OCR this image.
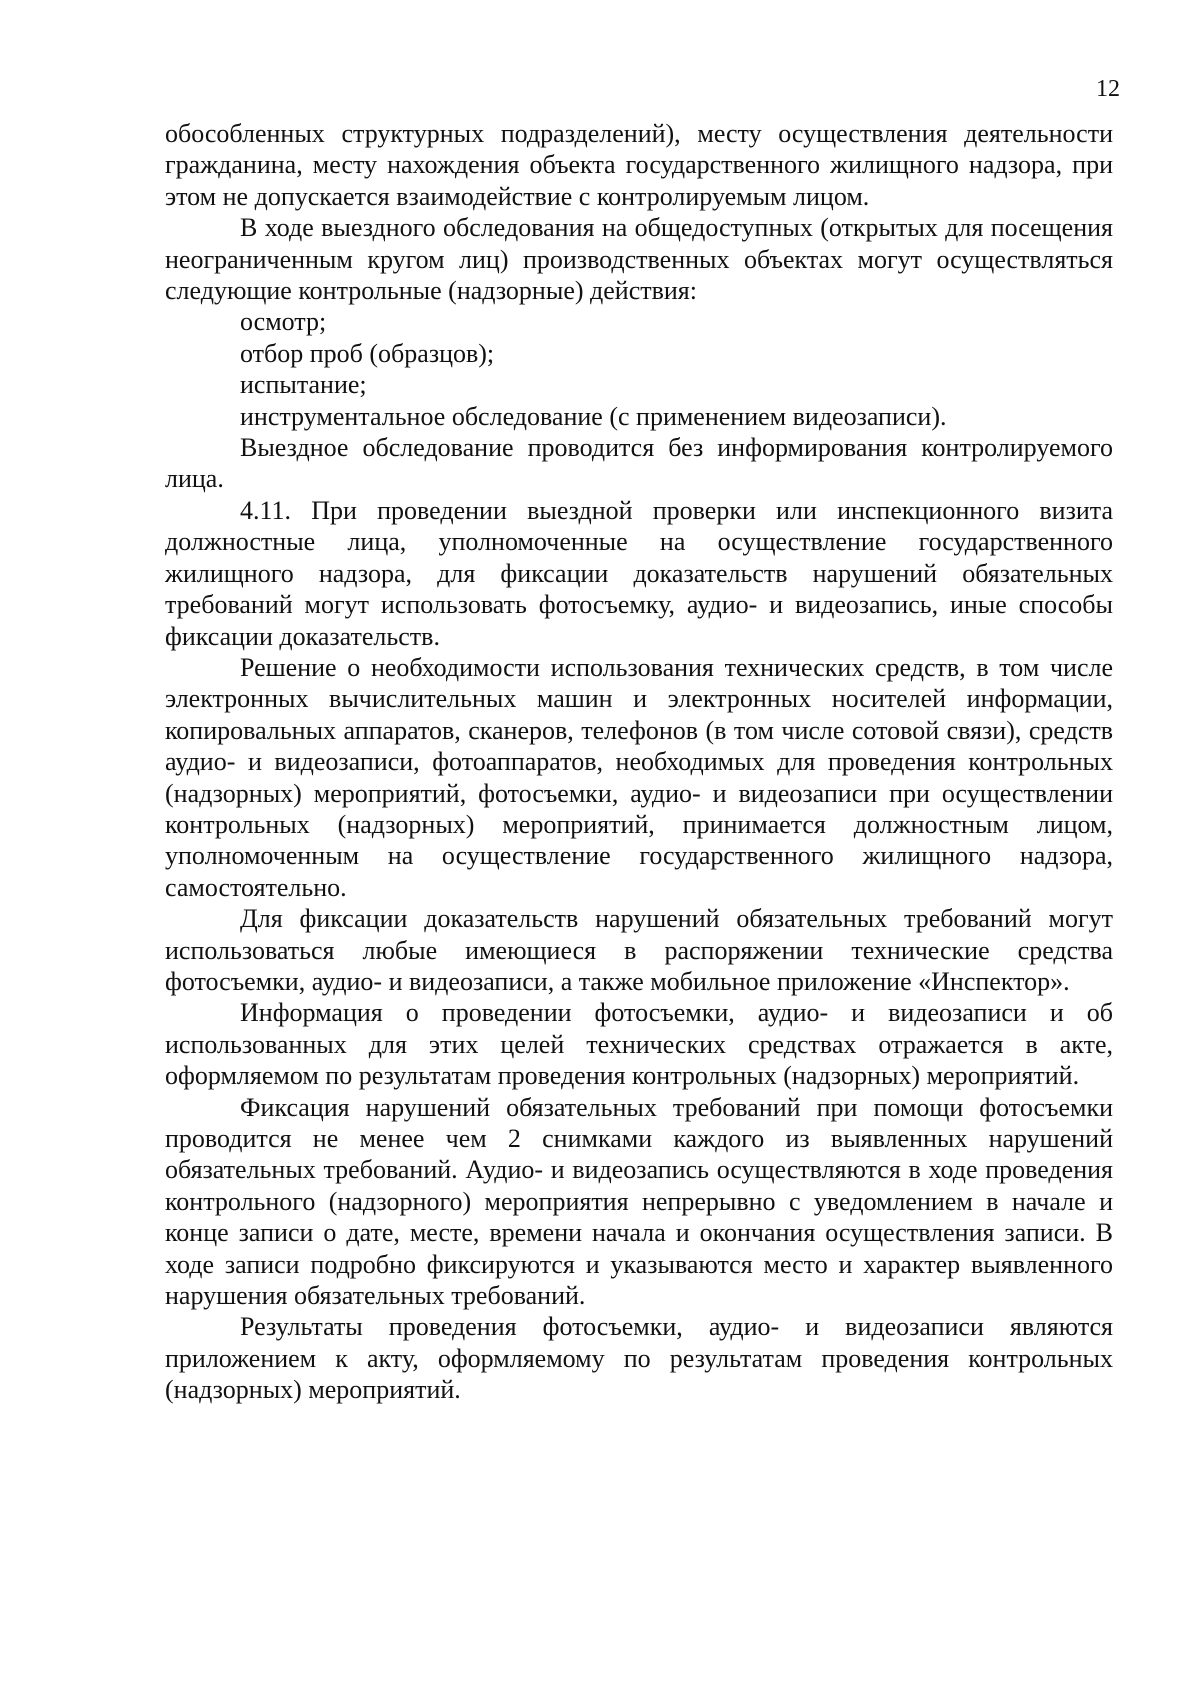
12

обособленных структурных подразделений), месту осуществления деятельности гражданина, месту нахождения объекта государственного жилищного надзора, при этом не допускается взаимодействие с контролируемым лицом.

В ходе выездного обследования на общедоступных (открытых для посещения неограниченным кругом лиц) производственных объектах могут осуществляться следующие контрольные (надзорные) действия:

осмотр;

отбор проб (образцов);

испытание;

инструментальное обследование (с применением видеозаписи).

Выездное обследование проводится без информирования контролируемого лица.

4.11. При проведении выездной проверки или инспекционного визита должностные лица, уполномоченные на осуществление государственного жилищного надзора, для фиксации доказательств нарушений обязательных требований могут использовать фотосъемку, аудио- и видеозапись, иные способы фиксации доказательств.

Решение о необходимости использования технических средств, в том числе электронных вычислительных машин и электронных носителей информации, копировальных аппаратов, сканеров, телефонов (в том числе сотовой связи), средств аудио- и видеозаписи, фотоаппаратов, необходимых для проведения контрольных (надзорных) мероприятий, фотосъемки, аудио- и видеозаписи при осуществлении контрольных (надзорных) мероприятий, принимается должностным лицом, уполномоченным на осуществление государственного жилищного надзора, самостоятельно.

Для фиксации доказательств нарушений обязательных требований могут использоваться любые имеющиеся в распоряжении технические средства фотосъемки, аудио- и видеозаписи, а также мобильное приложение «Инспектор».

Информация о проведении фотосъемки, аудио- и видеозаписи и об использованных для этих целей технических средствах отражается в акте, оформляемом по результатам проведения контрольных (надзорных) мероприятий.

Фиксация нарушений обязательных требований при помощи фотосъемки проводится не менее чем 2 снимками каждого из выявленных нарушений обязательных требований. Аудио- и видеозапись осуществляются в ходе проведения контрольного (надзорного) мероприятия непрерывно с уведомлением в начале и конце записи о дате, месте, времени начала и окончания осуществления записи. В ходе записи подробно фиксируются и указываются место и характер выявленного нарушения обязательных требований.

Результаты проведения фотосъемки, аудио- и видеозаписи являются приложением к акту, оформляемому по результатам проведения контрольных (надзорных) мероприятий.
